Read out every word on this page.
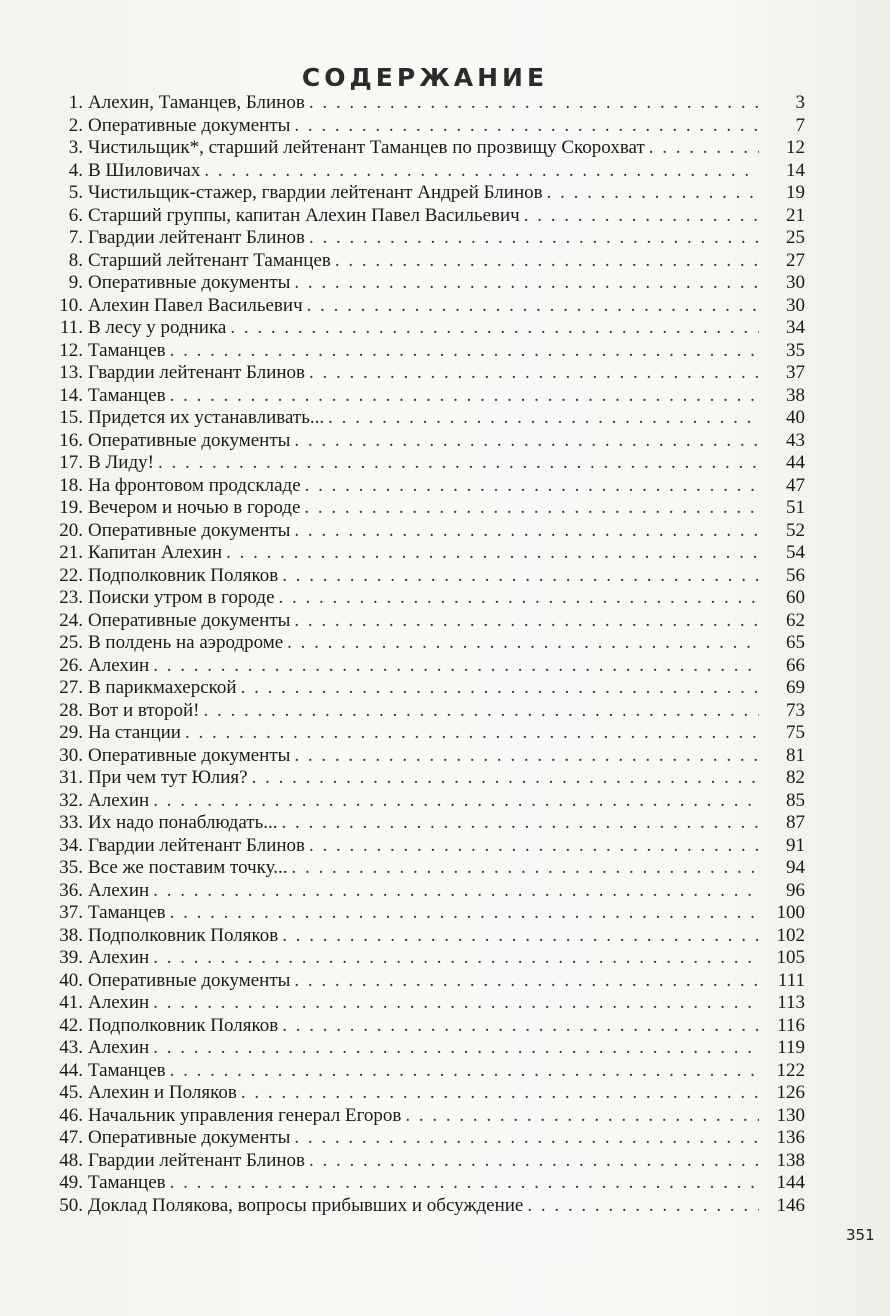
СОДЕРЖАНИЕ
1. Алехин, Таманцев, Блинов . . .	3
2. Оперативные документы . . .	7
3. Чистильщик*, старший лейтенант Таманцев по прозвищу Скорохват . . .	12
4. В Шиловичах . . .	14
5. Чистильщик-стажер, гвардии лейтенант Андрей Блинов . . .	19
6. Старший группы, капитан Алехин Павел Васильевич . . .	21
7. Гвардии лейтенант Блинов . . .	25
8. Старший лейтенант Таманцев . . .	27
9. Оперативные документы . . .	30
10. Алехин Павел Васильевич . . .	30
11. В лесу у родника . . .	34
12. Таманцев . . .	35
13. Гвардии лейтенант Блинов . . .	37
14. Таманцев . . .	38
15. Придется их устанавливать... . . .	40
16. Оперативные документы . . .	43
17. В Лиду! . . .	44
18. На фронтовом продскладе . . .	47
19. Вечером и ночью в городе . . .	51
20. Оперативные документы . . .	52
21. Капитан Алехин . . .	54
22. Подполковник Поляков . . .	56
23. Поиски утром в городе . . .	60
24. Оперативные документы . . .	62
25. В полдень на аэродроме . . .	65
26. Алехин . . .	66
27. В парикмахерской . . .	69
28. Вот и второй! . . .	73
29. На станции . . .	75
30. Оперативные документы . . .	81
31. При чем тут Юлия? . . .	82
32. Алехин . . .	85
33. Их надо понаблюдать... . . .	87
34. Гвардии лейтенант Блинов . . .	91
35. Все же поставим точку... . . .	94
36. Алехин . . .	96
37. Таманцев . . .	100
38. Подполковник Поляков . . .	102
39. Алехин . . .	105
40. Оперативные документы . . .	111
41. Алехин . . .	113
42. Подполковник Поляков . . .	116
43. Алехин . . .	119
44. Таманцев . . .	122
45. Алехин и Поляков . . .	126
46. Начальник управления генерал Егоров . . .	130
47. Оперативные документы . . .	136
48. Гвардии лейтенант Блинов . . .	138
49. Таманцев . . .	144
50. Доклад Полякова, вопросы прибывших и обсуждение . . .	146
351
